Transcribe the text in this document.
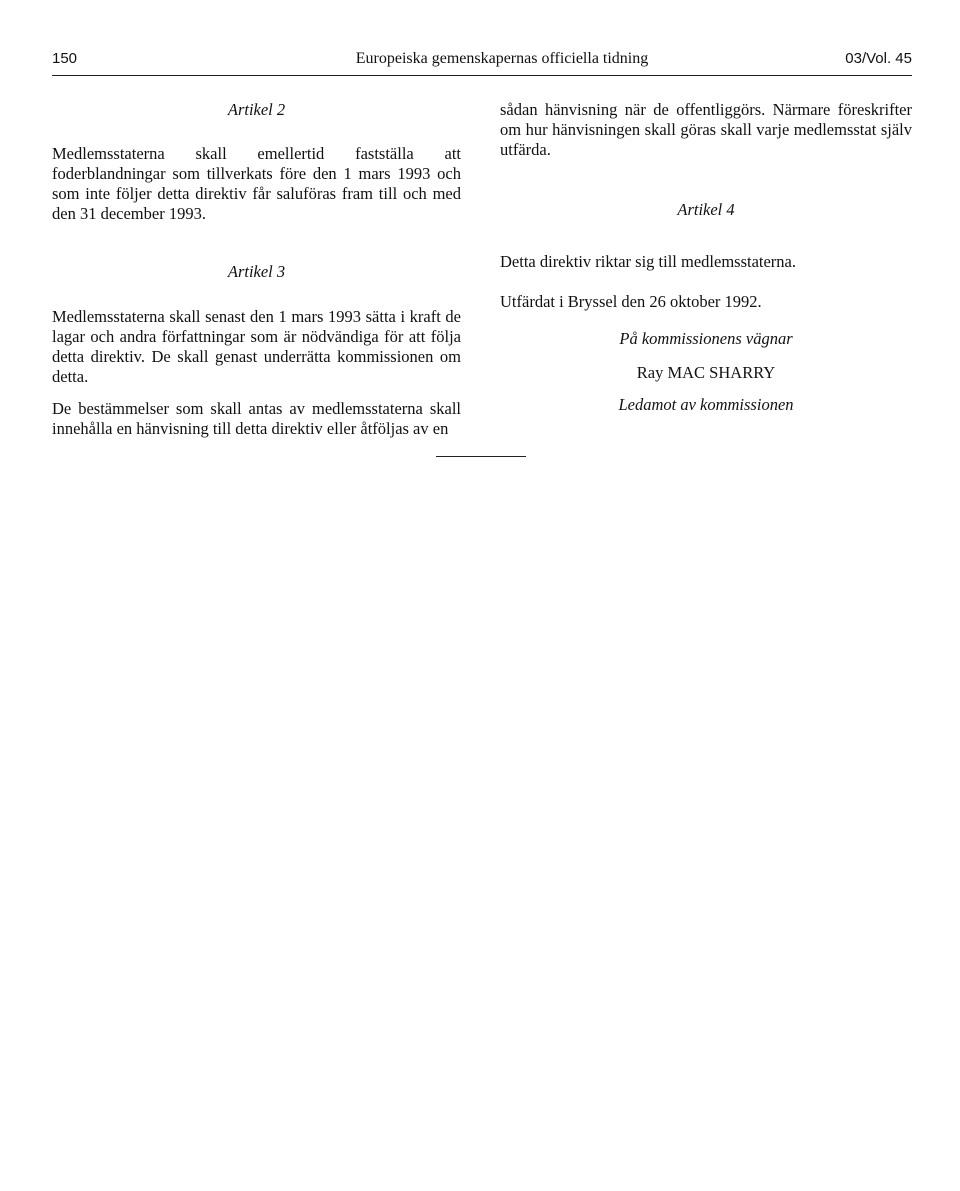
150	Europeiska gemenskapernas officiella tidning	03/Vol. 45
Artikel 2

Medlemsstaterna skall emellertid fastställa att foderblandningar som tillverkats före den 1 mars 1993 och som inte följer detta direktiv får saluföras fram till och med den 31 december 1993.

Artikel 3

Medlemsstaterna skall senast den 1 mars 1993 sätta i kraft de lagar och andra författningar som är nödvändiga för att följa detta direktiv. De skall genast underrätta kommissionen om detta.

De bestämmelser som skall antas av medlemsstaterna skall innehålla en hänvisning till detta direktiv eller åtföljas av en

sådan hänvisning när de offentliggörs. Närmare föreskrifter om hur hänvisningen skall göras skall varje medlemsstat själv utfärda.

Artikel 4

Detta direktiv riktar sig till medlemsstaterna.

Utfärdat i Bryssel den 26 oktober 1992.

På kommissionens vägnar
Ray MAC SHARRY
Ledamot av kommissionen
